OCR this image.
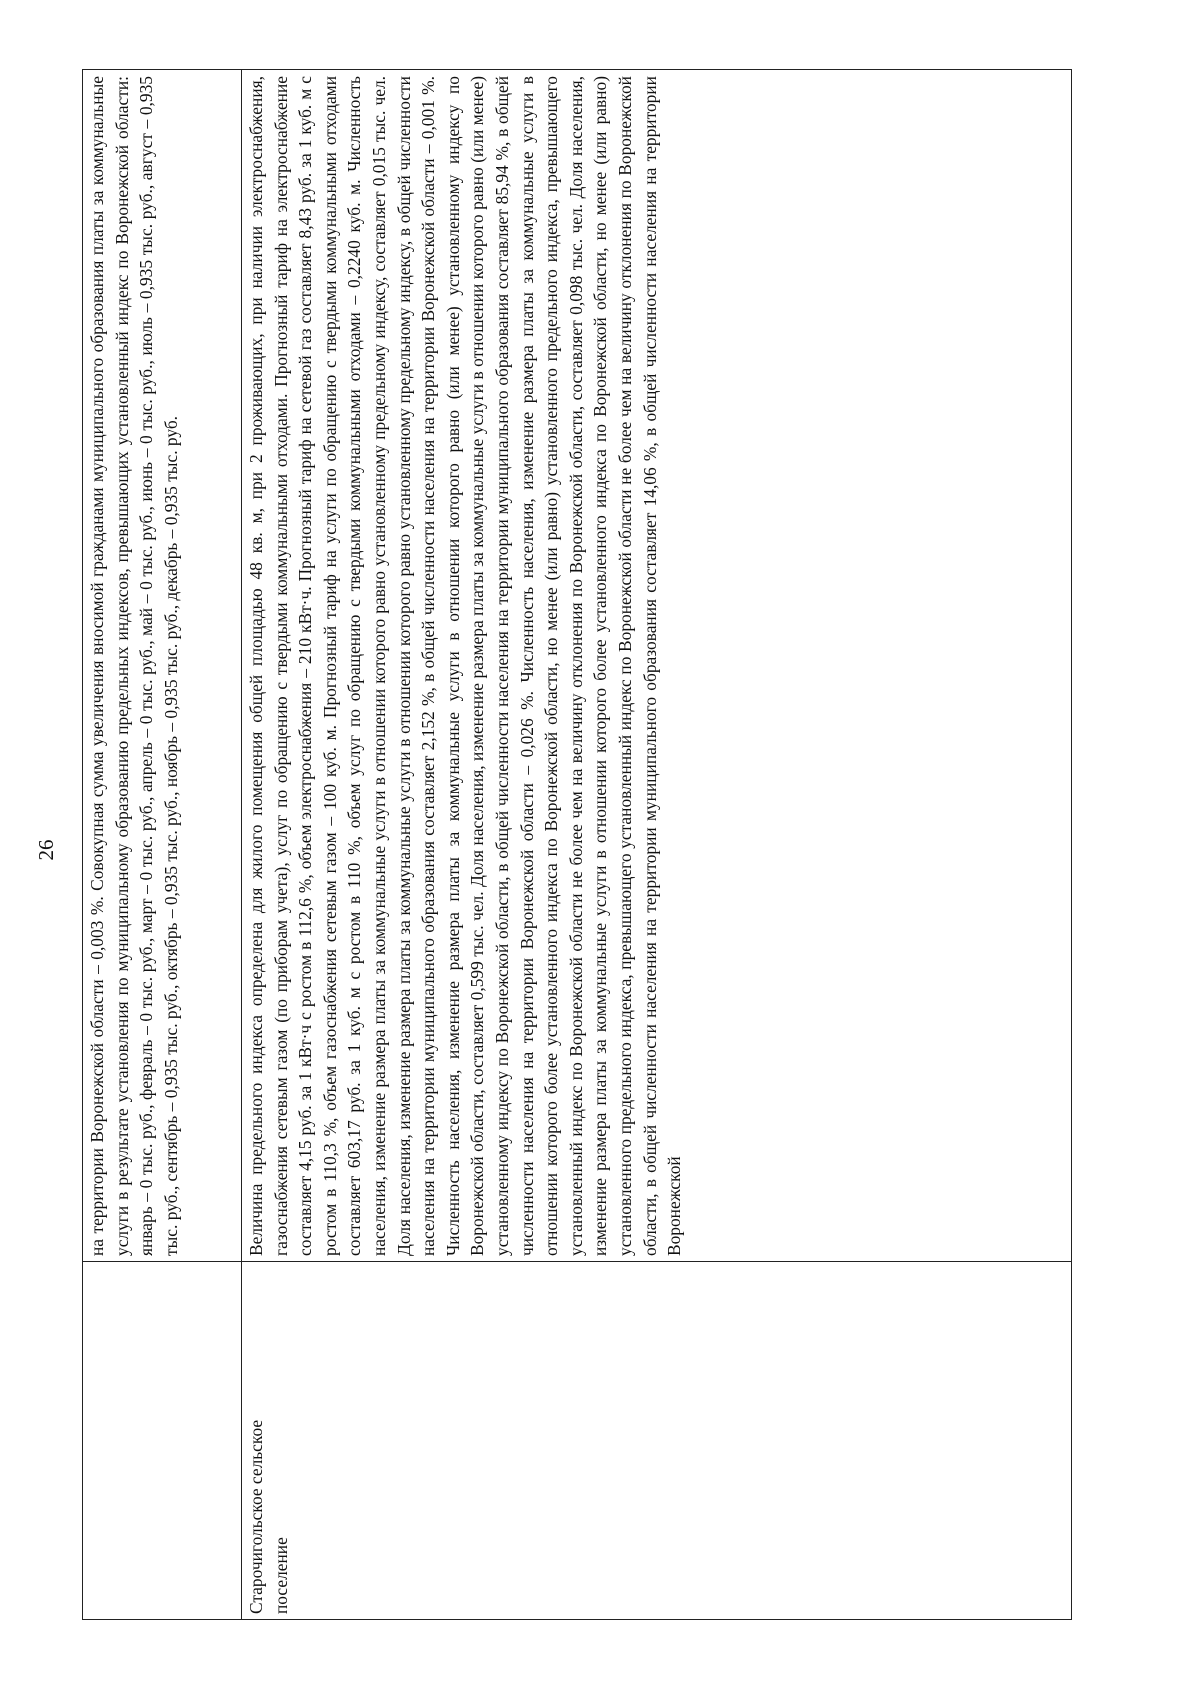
26
	на территории Воронежской области – 0,003 %. Совокупная сумма увеличения вносимой гражданами муниципального образования платы за коммунальные услуги в результате установления по муниципальному образованию предельных индексов, превышающих установленный индекс по Воронежской области: январь – 0 тыс. руб., февраль – 0 тыс. руб., март – 0 тыс. руб., апрель – 0 тыс. руб., май – 0 тыс. руб., июнь – 0 тыс. руб., июль – 0,935 тыс. руб., август – 0,935 тыс. руб., сентябрь – 0,935 тыс. руб., октябрь – 0,935 тыс. руб., ноябрь – 0,935 тыс. руб., декабрь – 0,935 тыс. руб.
Старочигольское сельское
поселение	Величина предельного индекса определена для жилого помещения общей площадью 48 кв. м, при 2 проживающих, при наличии электроснабжения, газоснабжения сетевым газом (по приборам учета), услуг по обращению с твердыми коммунальными отходами. Прогнозный тариф на электроснабжение составляет 4,15 руб. за 1 кВт·ч с ростом в 112,6 %, объем электроснабжения – 210 кВт·ч. Прогнозный тариф на сетевой газ составляет 8,43 руб. за 1 куб. м с ростом в 110,3 %, объем газоснабжения сетевым газом – 100 куб. м. Прогнозный тариф на услуги по обращению с твердыми коммунальными отходами составляет 603,17 руб. за 1 куб. м с ростом в 110 %, объем услуг по обращению с твердыми коммунальными отходами – 0,2240 куб. м. Численность населения, изменение размера платы за коммунальные услуги в отношении которого равно установленному предельному индексу, составляет 0,015 тыс. чел. Доля населения, изменение размера платы за коммунальные услуги в отношении которого равно установленному предельному индексу, в общей численности населения на территории муниципального образования составляет 2,152 %, в общей численности населения на территории Воронежской области – 0,001 %. Численность населения, изменение размера платы за коммунальные услуги в отношении которого равно (или менее) установленному индексу по Воронежской области, составляет 0,599 тыс. чел. Доля населения, изменение размера платы за коммунальные услуги в отношении которого равно (или менее) установленному индексу по Воронежской области, в общей численности населения на территории муниципального образования составляет 85,94 %, в общей численности населения на территории Воронежской области – 0,026 %. Численность населения, изменение размера платы за коммунальные услуги в отношении которого более установленного индекса по Воронежской области, но менее (или равно) установленного предельного индекса, превышающего установленный индекс по Воронежской области не более чем на величину отклонения по Воронежской области, составляет 0,098 тыс. чел. Доля населения, изменение размера платы за коммунальные услуги в отношении которого более установленного индекса по Воронежской области, но менее (или равно) установленного предельного индекса, превышающего установленный индекс по Воронежской области не более чем на величину отклонения по Воронежской области, в общей численности населения на территории муниципального образования составляет 14,06 %, в общей численности населения на территории Воронежской
